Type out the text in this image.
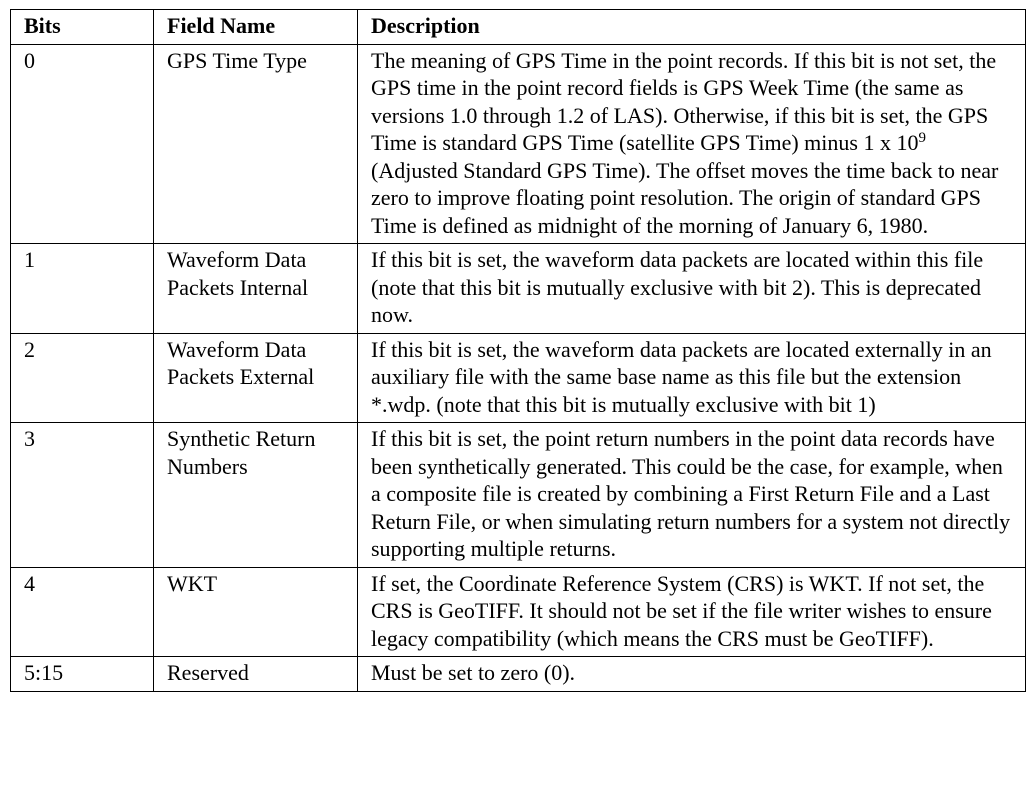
Bits	Field Name	Description
0	GPS Time Type	The meaning of GPS Time in the point records. If this bit is not set, the GPS time in the point record fields is GPS Week Time (the same as versions 1.0 through 1.2 of LAS). Otherwise, if this bit is set, the GPS Time is standard GPS Time (satellite GPS Time) minus 1 x $10^9$ (Adjusted Standard GPS Time). The offset moves the time back to near zero to improve floating point resolution. The origin of standard GPS Time is defined as midnight of the morning of January 6, 1980.
1	Waveform Data Packets Internal	If this bit is set, the waveform data packets are located within this file (note that this bit is mutually exclusive with bit 2). This is deprecated now.
2	Waveform Data Packets External	If this bit is set, the waveform data packets are located externally in an auxiliary file with the same base name as this file but the extension *.wdp. (note that this bit is mutually exclusive with bit 1)
3	Synthetic Return Numbers	If this bit is set, the point return numbers in the point data records have been synthetically generated. This could be the case, for example, when a composite file is created by combining a First Return File and a Last Return File, or when simulating return numbers for a system not directly supporting multiple returns.
4	WKT	If set, the Coordinate Reference System (CRS) is WKT. If not set, the CRS is GeoTIFF. It should not be set if the file writer wishes to ensure legacy compatibility (which means the CRS must be GeoTIFF).
5:15	Reserved	Must be set to zero (0).
